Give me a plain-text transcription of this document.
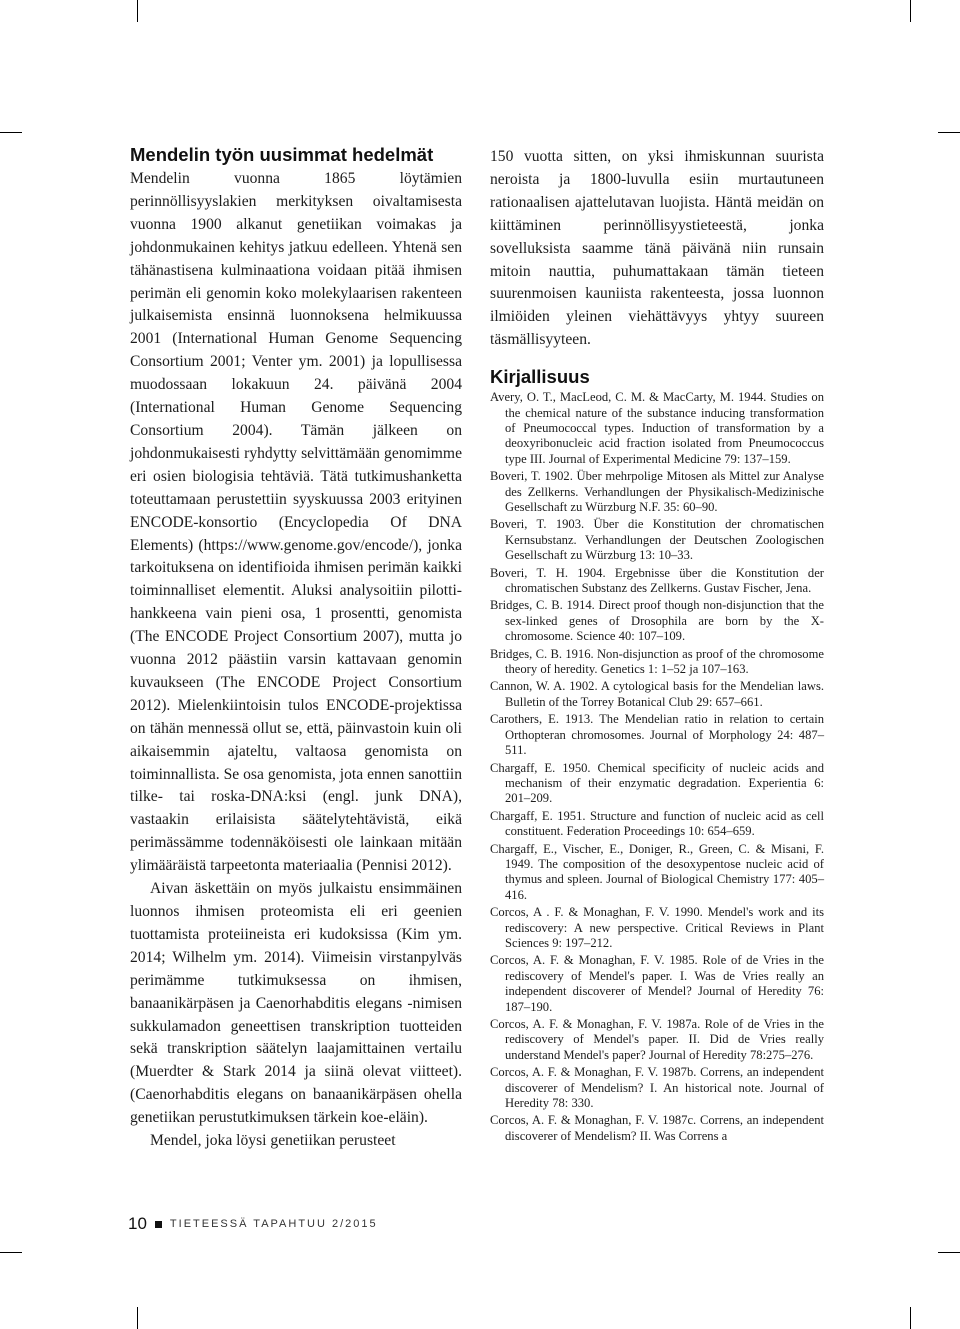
Mendelin työn uusimmat hedelmät

Mendelin vuonna 1865 löytämien perinnöllisyyslakien merkityksen oivaltamisesta vuonna 1900 alkanut genetiikan voimakas ja johdonmukainen kehitys jatkuu edelleen. Yhtenä sen tähänastisena kulminaationa voidaan pitää ihmisen perimän eli genomin koko molekylaarisen rakenteen julkaisemista ensinnä luonnoksena helmikuussa 2001 (International Human Genome Sequencing Consortium 2001; Venter ym. 2001) ja lopullisessa muodossaan lokakuun 24. päivänä 2004 (International Human Genome Sequencing Consortium 2004). Tämän jälkeen on johdonmukaisesti ryhdytty selvittämään genomimme eri osien biologisia tehtäviä. Tätä tutkimushanketta toteuttamaan perustettiin syyskuussa 2003 erityinen ENCODE-konsortio (Encyclopedia Of DNA Elements) (https://www.genome.gov/encode/), jonka tarkoituksena on identifioida ihmisen perimän kaikki toiminnalliset elementit. Aluksi analysoitiin pilotti-hankkeena vain pieni osa, 1 prosentti, genomista (The ENCODE Project Consortium 2007), mutta jo vuonna 2012 päästiin varsin kattavaan genomin kuvaukseen (The ENCODE Project Consortium 2012). Mielenkiintoisin tulos ENCODE-projektissa on tähän mennessä ollut se, että, päinvastoin kuin oli aikaisemmin ajateltu, valtaosa genomista on toiminnallista. Se osa genomista, jota ennen sanottiin tilke- tai roska-DNA:ksi (engl. junk DNA), vastaakin erilaisista säätelytehtävistä, eikä perimässämme todennäköisesti ole lainkaan mitään ylimääräistä tarpeetonta materiaalia (Pennisi 2012).

Aivan äskettäin on myös julkaistu ensimmäinen luonnos ihmisen proteomista eli eri geenien tuottamista proteiineista eri kudoksissa (Kim ym. 2014; Wilhelm ym. 2014). Viimeisin virstanpylväs perimämme tutkimuksessa on ihmisen, banaanikärpäsen ja Caenorhabditis elegans -nimisen sukkulamadon geneettisen transkription tuotteiden sekä transkription säätelyn laajamittainen vertailu (Muerdter & Stark 2014 ja siinä olevat viitteet). (Caenorhabditis elegans on banaanikärpäsen ohella genetiikan perustutkimuksen tärkein koe-eläin).

Mendel, joka löysi genetiikan perusteet

150 vuotta sitten, on yksi ihmiskunnan suurista neroista ja 1800-luvulla esiin murtautuneen rationaalisen ajattelutavan luojista. Häntä meidän on kiittäminen perinnöllisyystieteestä, jonka sovelluksista saamme tänä päivänä niin runsain mitoin nauttia, puhumattakaan tämän tieteen suurenmoisen kauniista rakenteesta, jossa luonnon ilmiöiden yleinen viehättävyys yhtyy suureen täsmällisyyteen.

Kirjallisuus

Avery, O. T., MacLeod, C. M. & MacCarty, M. 1944. Studies on the chemical nature of the substance inducing transformation of Pneumococcal types. Induction of transformation by a deoxyribonucleic acid fraction isolated from Pneumococcus type III. Journal of Experimental Medicine 79: 137–159.

Boveri, T. 1902. Über mehrpolige Mitosen als Mittel zur Analyse des Zellkerns. Verhandlungen der Physikalisch-Medizinische Gesellschaft zu Würzburg N.F. 35: 60–90.

Boveri, T. 1903. Über die Konstitution der chromatischen Kernsubstanz. Verhandlungen der Deutschen Zoologischen Gesellschaft zu Würzburg 13: 10–33.

Boveri, T. H. 1904. Ergebnisse über die Konstitution der chromatischen Substanz des Zellkerns. Gustav Fischer, Jena.

Bridges, C. B. 1914. Direct proof though non-disjunction that the sex-linked genes of Drosophila are born by the X-chromosome. Science 40: 107–109.

Bridges, C. B. 1916. Non-disjunction as proof of the chromosome theory of heredity. Genetics 1: 1–52 ja 107–163.

Cannon, W. A. 1902. A cytological basis for the Mendelian laws. Bulletin of the Torrey Botanical Club 29: 657–661.

Carothers, E. 1913. The Mendelian ratio in relation to certain Orthopteran chromosomes. Journal of Morphology 24: 487–511.

Chargaff, E. 1950. Chemical specificity of nucleic acids and mechanism of their enzymatic degradation. Experientia 6: 201–209.

Chargaff, E. 1951. Structure and function of nucleic acid as cell constituent. Federation Proceedings 10: 654–659.

Chargaff, E., Vischer, E., Doniger, R., Green, C. & Misani, F. 1949. The composition of the desoxypentose nucleic acid of thymus and spleen. Journal of Biological Chemistry 177: 405–416.

Corcos, A . F. & Monaghan, F. V. 1990. Mendel's work and its rediscovery: A new perspective. Critical Reviews in Plant Sciences 9: 197–212.

Corcos, A. F. & Monaghan, F. V. 1985. Role of de Vries in the rediscovery of Mendel's paper. I. Was de Vries really an independent discoverer of Mendel? Journal of Heredity 76: 187–190.

Corcos, A. F. & Monaghan, F. V. 1987a. Role of de Vries in the rediscovery of Mendel's paper. II. Did de Vries really understand Mendel's paper? Journal of Heredity 78:275–276.

Corcos, A. F. & Monaghan, F. V. 1987b. Correns, an independent discoverer of Mendelism? I. An historical note. Journal of Heredity 78: 330.

Corcos, A. F. & Monaghan, F. V. 1987c. Correns, an independent discoverer of Mendelism? II. Was Correns a

10 TIETEESSÄ TAPAHTUU 2/2015
